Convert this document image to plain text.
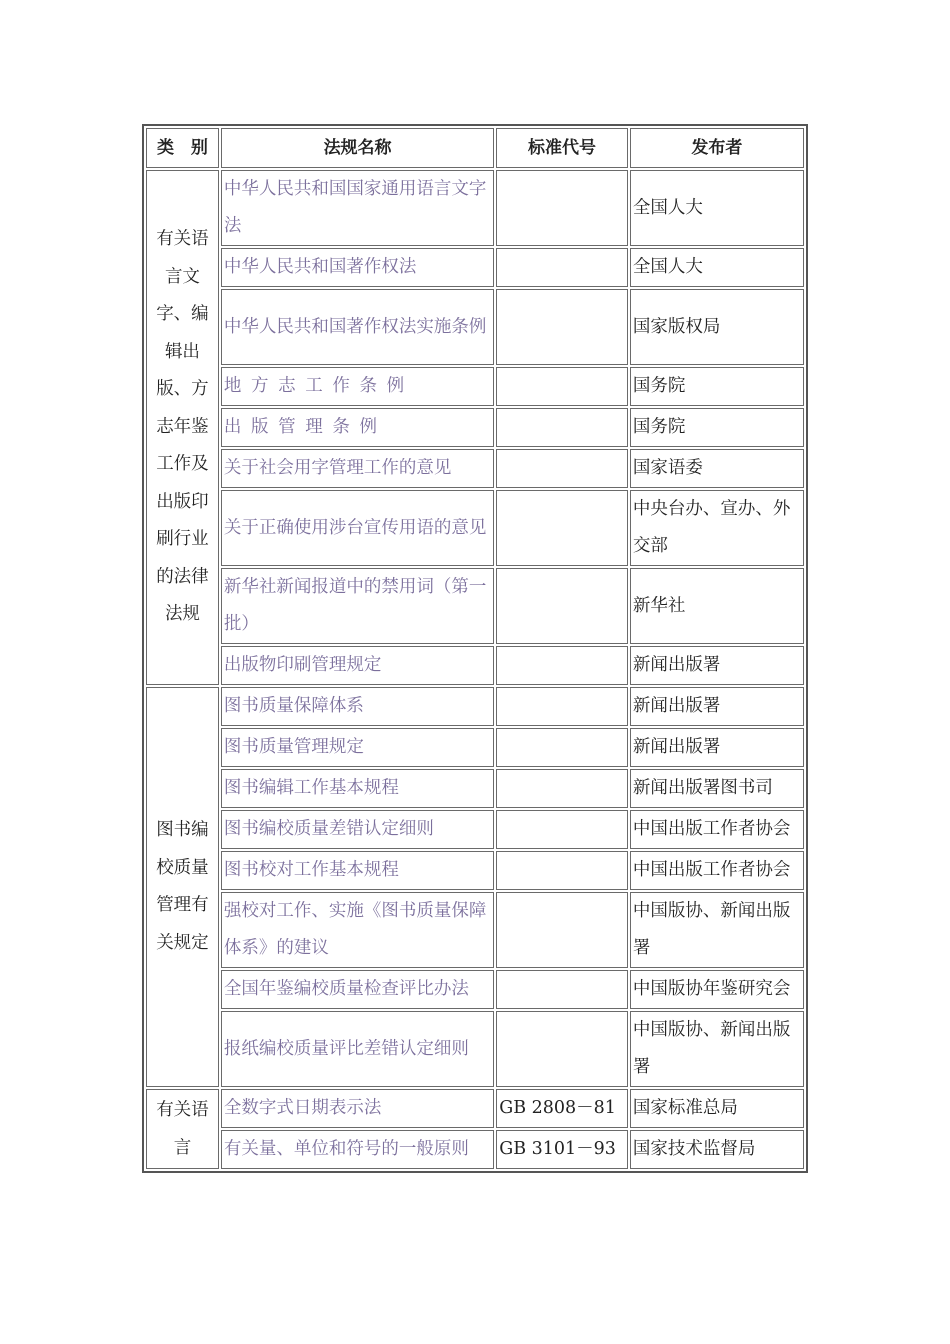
类　别	法规名称	标准代号	发布者
有关语言文字、编辑出版、方志年鉴工作及出版印刷行业的法律法规	中华人民共和国国家通用语言文字法		全国人大
	中华人民共和国著作权法		全国人大
	中华人民共和国著作权法实施条例		国家版权局
	地方志工作条例		国务院
	出版管理条例		国务院
	关于社会用字管理工作的意见		国家语委
	关于正确使用涉台宣传用语的意见		中央台办、宣办、外交部
	新华社新闻报道中的禁用词（第一批）		新华社
	出版物印刷管理规定		新闻出版署
图书编校质量管理有关规定	图书质量保障体系		新闻出版署
	图书质量管理规定		新闻出版署
	图书编辑工作基本规程		新闻出版署图书司
	图书编校质量差错认定细则		中国出版工作者协会
	图书校对工作基本规程		中国出版工作者协会
	强校对工作、实施《图书质量保障体系》的建议		中国版协、新闻出版署
	全国年鉴编校质量检查评比办法		中国版协年鉴研究会
	报纸编校质量评比差错认定细则		中国版协、新闻出版署
有关语言	全数字式日期表示法	GB 2808－81	国家标准总局
	有关量、单位和符号的一般原则	GB 3101－93	国家技术监督局
